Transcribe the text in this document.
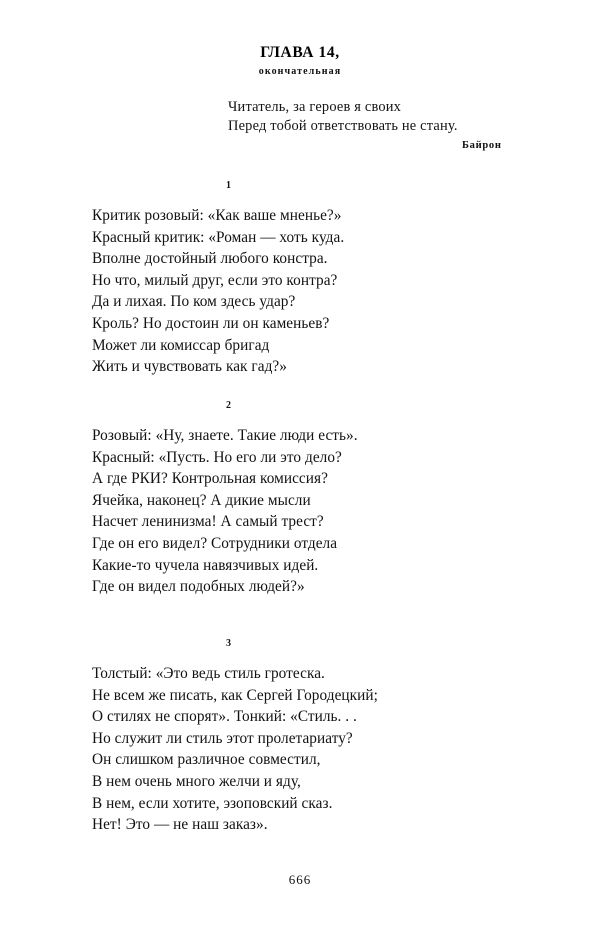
ГЛАВА 14,
окончательная
Читатель, за героев я своих
Перед тобой ответствовать не стану.
Байрон
1
Критик розовый: «Как ваше мненье?»
Красный критик: «Роман — хоть куда.
Вполне достойный любого констра.
Но что, милый друг, если это контра?
Да и лихая. По ком здесь удар?
Кроль? Но достоин ли он каменьев?
Может ли комиссар бригад
Жить и чувствовать как гад?»
2
Розовый: «Ну, знаете. Такие люди есть».
Красный: «Пусть. Но его ли это дело?
А где РКИ? Контрольная комиссия?
Ячейка, наконец? А дикие мысли
Насчет ленинизма! А самый трест?
Где он его видел? Сотрудники отдела
Какие-то чучела навязчивых идей.
Где он видел подобных людей?»
3
Толстый: «Это ведь стиль гротеска.
Не всем же писать, как Сергей Городецкий;
О стилях не спорят». Тонкий: «Стиль. . .
Но служит ли стиль этот пролетариату?
Он слишком различное совместил,
В нем очень много желчи и яду,
В нем, если хотите, эзоповский сказ.
Нет! Это — не наш заказ».
666
